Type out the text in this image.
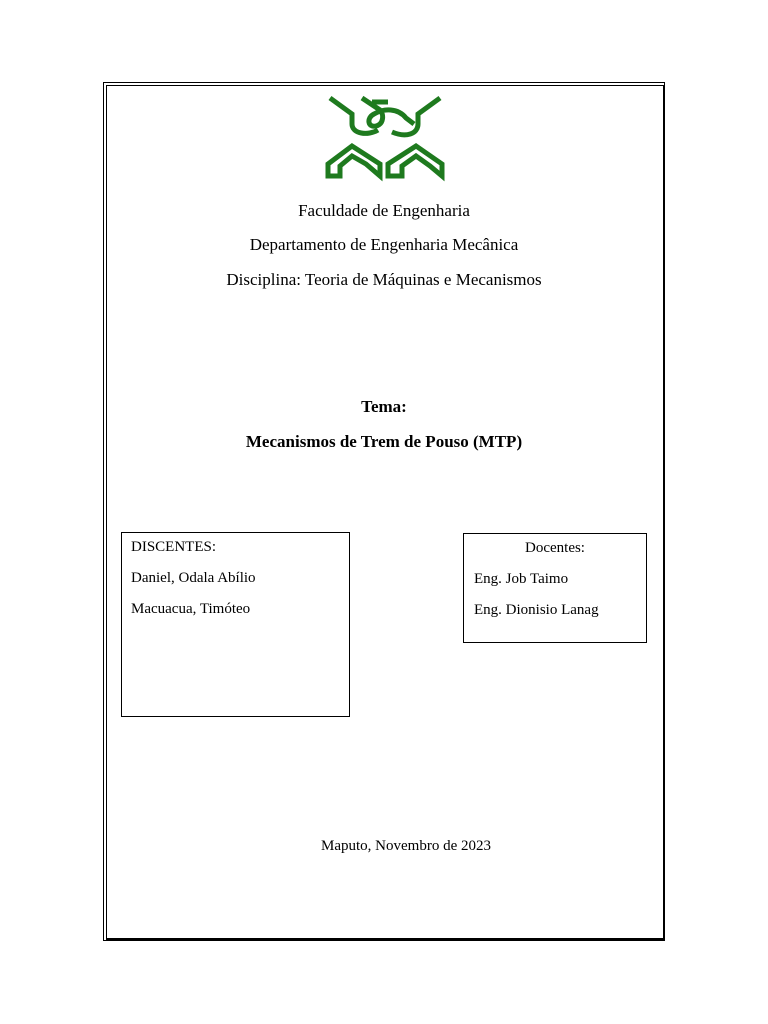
Faculdade de Engenharia
Departamento de Engenharia Mecânica
Disciplina: Teoria de Máquinas e Mecanismos
Tema:
Mecanismos de Trem de Pouso (MTP)
DISCENTES:
Daniel, Odala Abílio
Macuacua, Timóteo
Docentes:
Eng. Job Taimo
Eng. Dionisio Lanag
Maputo, Novembro de 2023
